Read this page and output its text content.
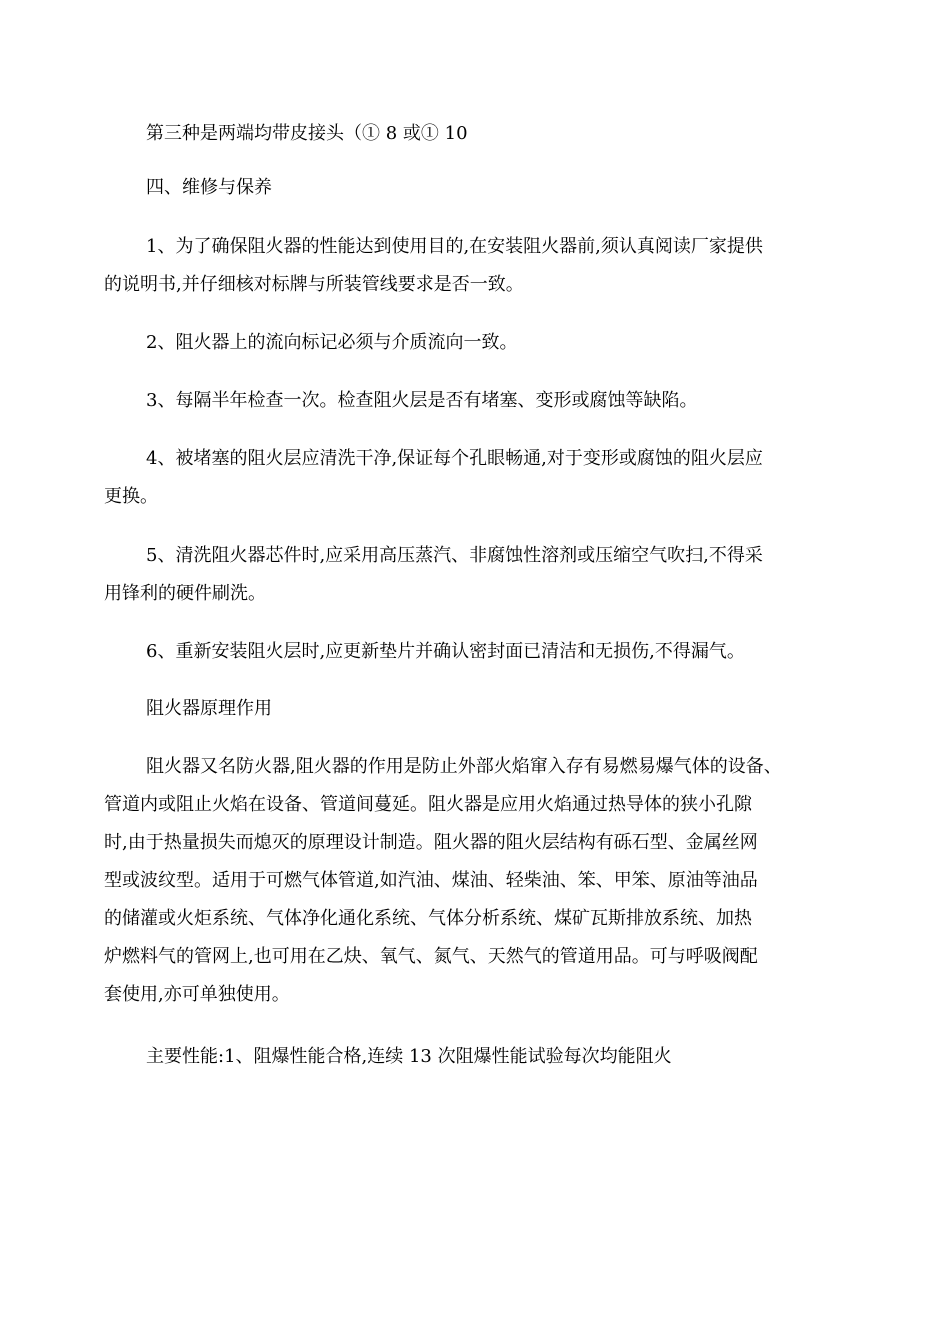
第三种是两端均带皮接头（① 8 或① 10
四、维修与保养
1、为了确保阻火器的性能达到使用目的,在安装阻火器前,须认真阅读厂家提供
的说明书,并仔细核对标牌与所装管线要求是否一致。
2、阻火器上的流向标记必须与介质流向一致。
3、每隔半年检查一次。检查阻火层是否有堵塞、变形或腐蚀等缺陷。
4、被堵塞的阻火层应清洗干净,保证每个孔眼畅通,对于变形或腐蚀的阻火层应
更换。
5、清洗阻火器芯件时,应采用高压蒸汽、非腐蚀性溶剂或压缩空气吹扫,不得采
用锋利的硬件刷洗。
6、重新安装阻火层时,应更新垫片并确认密封面已清洁和无损伤,不得漏气。
阻火器原理作用
阻火器又名防火器,阻火器的作用是防止外部火焰窜入存有易燃易爆气体的设备、
管道内或阻止火焰在设备、管道间蔓延。阻火器是应用火焰通过热导体的狭小孔隙
时,由于热量损失而熄灭的原理设计制造。阻火器的阻火层结构有砾石型、金属丝网
型或波纹型。适用于可燃气体管道,如汽油、煤油、轻柴油、笨、甲笨、原油等油品
的储灌或火炬系统、气体净化通化系统、气体分析系统、煤矿瓦斯排放系统、加热
炉燃料气的管网上,也可用在乙炔、氧气、氮气、天然气的管道用品。可与呼吸阀配
套使用,亦可单独使用。
主要性能:1、阻爆性能合格,连续 13 次阻爆性能试验每次均能阻火
